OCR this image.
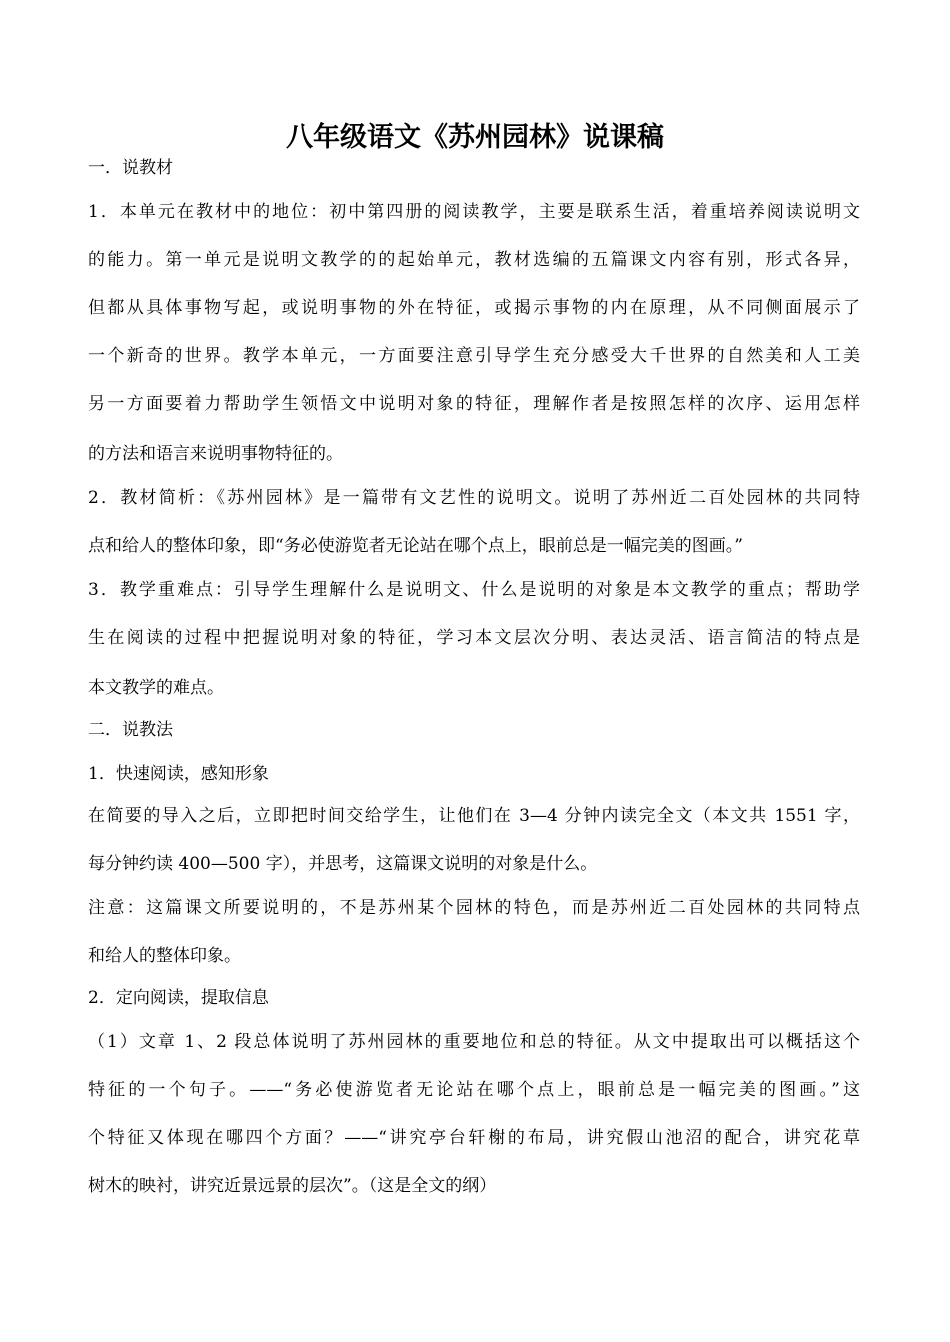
八年级语文《苏州园林》说课稿
一．说教材
1．本单元在教材中的地位：初中第四册的阅读教学，主要是联系生活，着重培养阅读说明文
的能力。第一单元是说明文教学的的起始单元，教材选编的五篇课文内容有别，形式各异，
但都从具体事物写起，或说明事物的外在特征，或揭示事物的内在原理，从不同侧面展示了
一个新奇的世界。教学本单元，一方面要注意引导学生充分感受大千世界的自然美和人工美
另一方面要着力帮助学生领悟文中说明对象的特征，理解作者是按照怎样的次序、运用怎样
的方法和语言来说明事物特征的。
2．教材简析：《苏州园林》是一篇带有文艺性的说明文。说明了苏州近二百处园林的共同特
点和给人的整体印象，即“务必使游览者无论站在哪个点上，眼前总是一幅完美的图画。”
3．教学重难点：引导学生理解什么是说明文、什么是说明的对象是本文教学的重点；帮助学
生在阅读的过程中把握说明对象的特征，学习本文层次分明、表达灵活、语言简洁的特点是
本文教学的难点。
二．说教法
1．快速阅读，感知形象
在简要的导入之后，立即把时间交给学生，让他们在 3—4 分钟内读完全文（本文共 1551 字，
每分钟约读 400—500 字），并思考，这篇课文说明的对象是什么。
注意：这篇课文所要说明的，不是苏州某个园林的特色，而是苏州近二百处园林的共同特点
和给人的整体印象。
2．定向阅读，提取信息
（1）文章 1、2 段总体说明了苏州园林的重要地位和总的特征。从文中提取出可以概括这个
特征的一个句子。——“务必使游览者无论站在哪个点上，眼前总是一幅完美的图画。”这
个特征又体现在哪四个方面？——“讲究亭台轩榭的布局，讲究假山池沼的配合，讲究花草
树木的映衬，讲究近景远景的层次”。（这是全文的纲）
